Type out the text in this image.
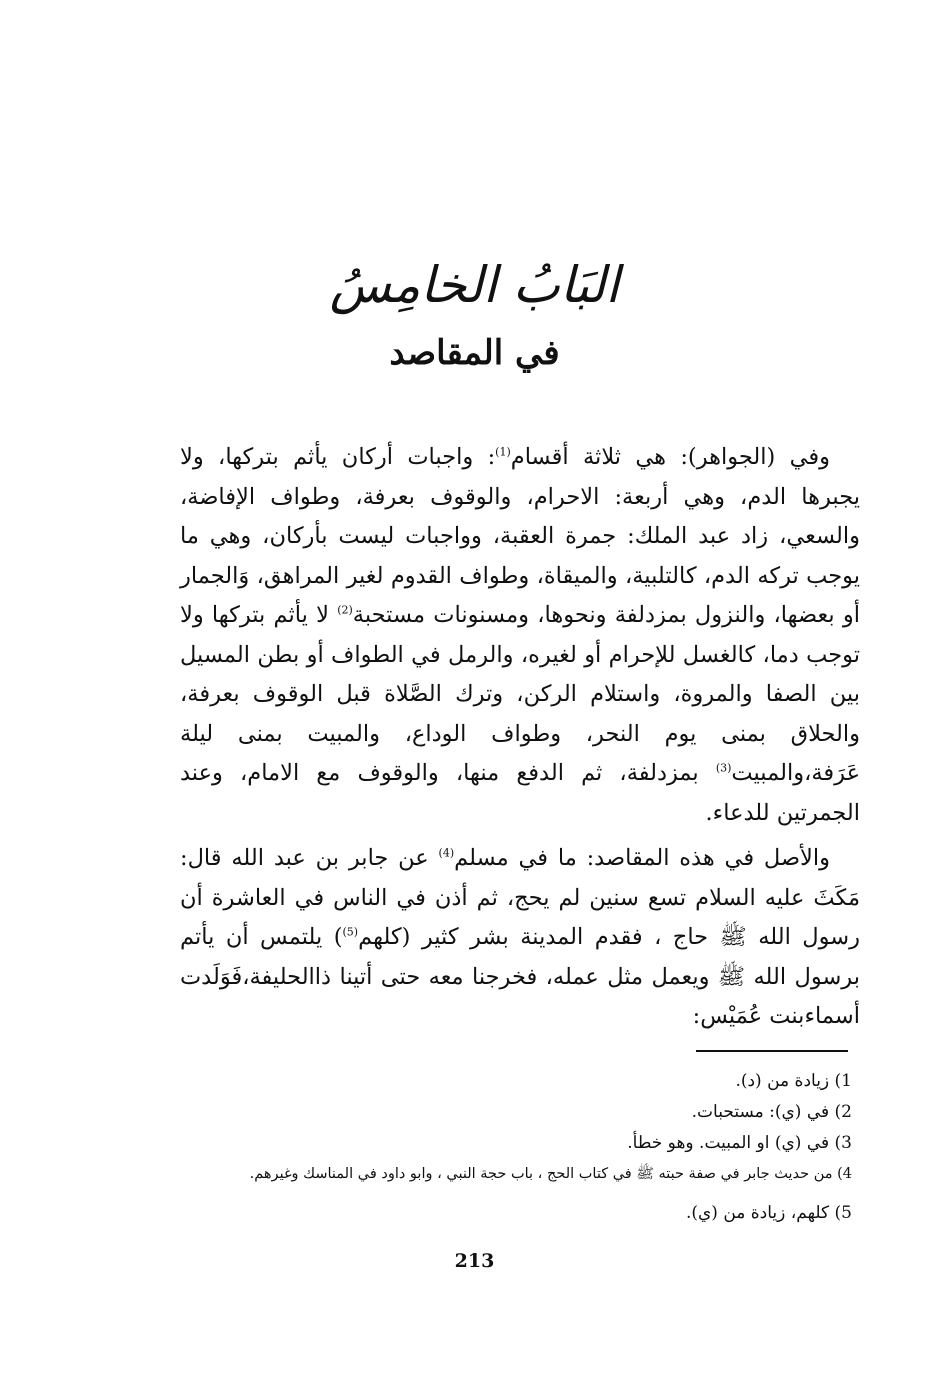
البَابُ الخامِسُ
في المقاصد

وفي (الجواهر): هي ثلاثة أقسام$^{(1)}$: واجبات أركان يأثم بتركها، ولا يجبرها الدم، وهي أربعة: الاحرام، والوقوف بعرفة، وطواف الإفاضة، والسعي، زاد عبد الملك: جمرة العقبة، وواجبات ليست بأركان، وهي ما يوجب تركه الدم، كالتلبية، والميقاة، وطواف القدوم لغير المراهق، وَالجمار أو بعضها، والنزول بمزدلفة ونحوها، ومسنونات مستحبة$^{(2)}$ لا يأثم بتركها ولا توجب دما، كالغسل للإحرام أو لغيره، والرمل في الطواف أو بطن المسيل بين الصفا والمروة، واستلام الركن، وترك الصَّلاة قبل الوقوف بعرفة، والحلاق بمنى يوم النحر، وطواف الوداع، والمبيت بمنى ليلة عَرَفة،والمبيت$^{(3)}$ بمزدلفة، ثم الدفع منها، والوقوف مع الامام، وعند الجمرتين للدعاء.

والأصل في هذه المقاصد: ما في مسلم$^{(4)}$ عن جابر بن عبد الله قال: مَكَثَ عليه السلام تسع سنين لم يحج، ثم أذن في الناس في العاشرة أن رسول الله ﷺ حاج ، فقدم المدينة بشر كثير (كلهم$^{(5)}$) يلتمس أن يأتم برسول الله ﷺ ويعمل مثل عمله، فخرجنا معه حتى أتينا ذاالحليفة،فَوَلَدت أسماءبنت عُمَيْس:

1) زيادة من (د).
2) في (ي): مستحبات.
3) في (ي) او المبيت. وهو خطأ.
4) من حديث جابر في صفة حبته ﷺ في كتاب الحج ، باب حجة النبي ، وابو داود في المناسك وغيرهم.
5) كلهم، زيادة من (ي).
213
